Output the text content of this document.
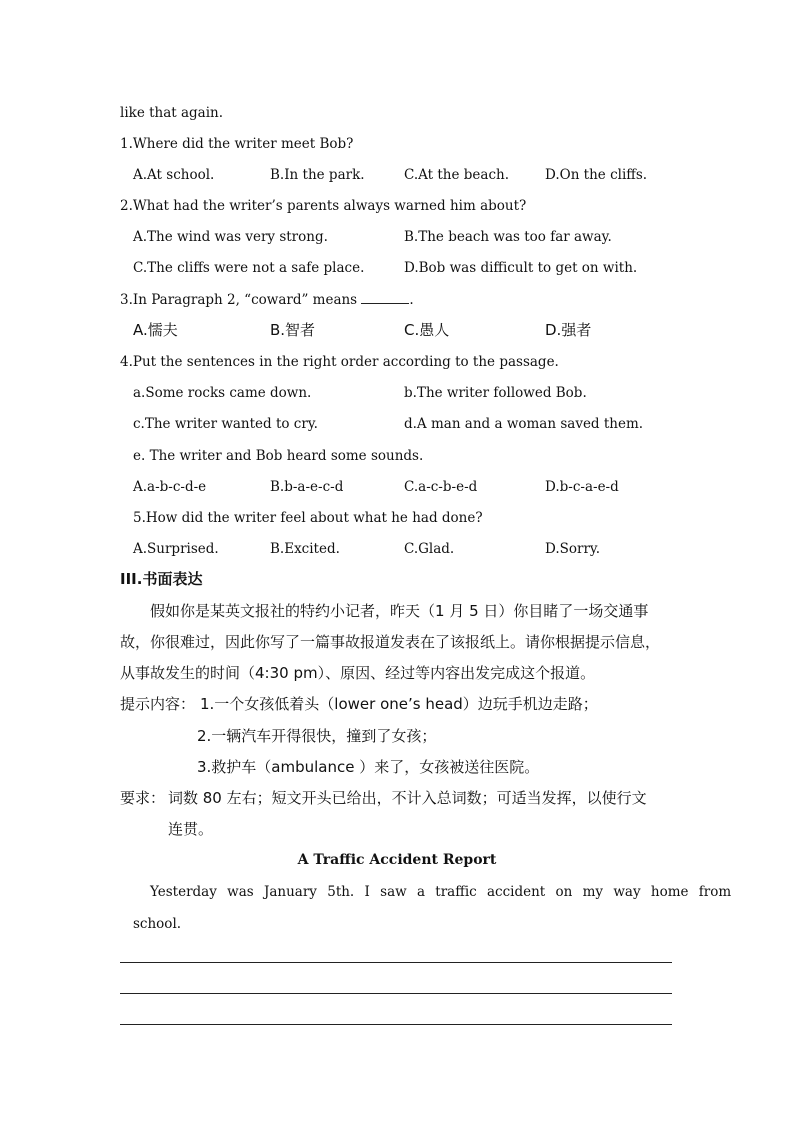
like that again.
1.Where did the writer meet Bob?
A.At school.	B.In the park.	C.At the beach.	D.On the cliffs.
2.What had the writer’s parents always warned him about?
A.The wind was very strong.	B.The beach was too far away.
C.The cliffs were not a safe place.	D.Bob was difficult to get on with.
3.In Paragraph 2, “coward” means	.
A.懦夫	B.智者	C.愚人	D.强者
4.Put the sentences in the right order according to the passage.
a.Some rocks came down.	b.The writer followed Bob.
c.The writer wanted to cry.	d.A man and a woman saved them.
e. The writer and Bob heard some sounds.
A.a-b-c-d-e	B.b-a-e-c-d	C.a-c-b-e-d	D.b-c-a-e-d
5.How did the writer feel about what he had done?
A.Surprised.	B.Excited.	C.Glad.	D.Sorry.
III.书面表达
假如你是某英文报社的特约小记者，昨天（1 月 5 日）你目睹了一场交通事
故，你很难过，因此你写了一篇事故报道发表在了该报纸上。请你根据提示信息，
从事故发生的时间（4:30 pm）、原因、经过等内容出发完成这个报道。
提示内容： 1.一个女孩低着头（lower one’s head）边玩手机边走路；
2.一辆汽车开得很快，撞到了女孩；
3.救护车（ambulance ）来了，女孩被送往医院。
要求： 词数 80 左右；短文开头已给出，不计入总词数；可适当发挥，以使行文
连贯。
A Traffic Accident Report
Yesterday was January 5th. I saw a traffic accident on my way home from
school.
